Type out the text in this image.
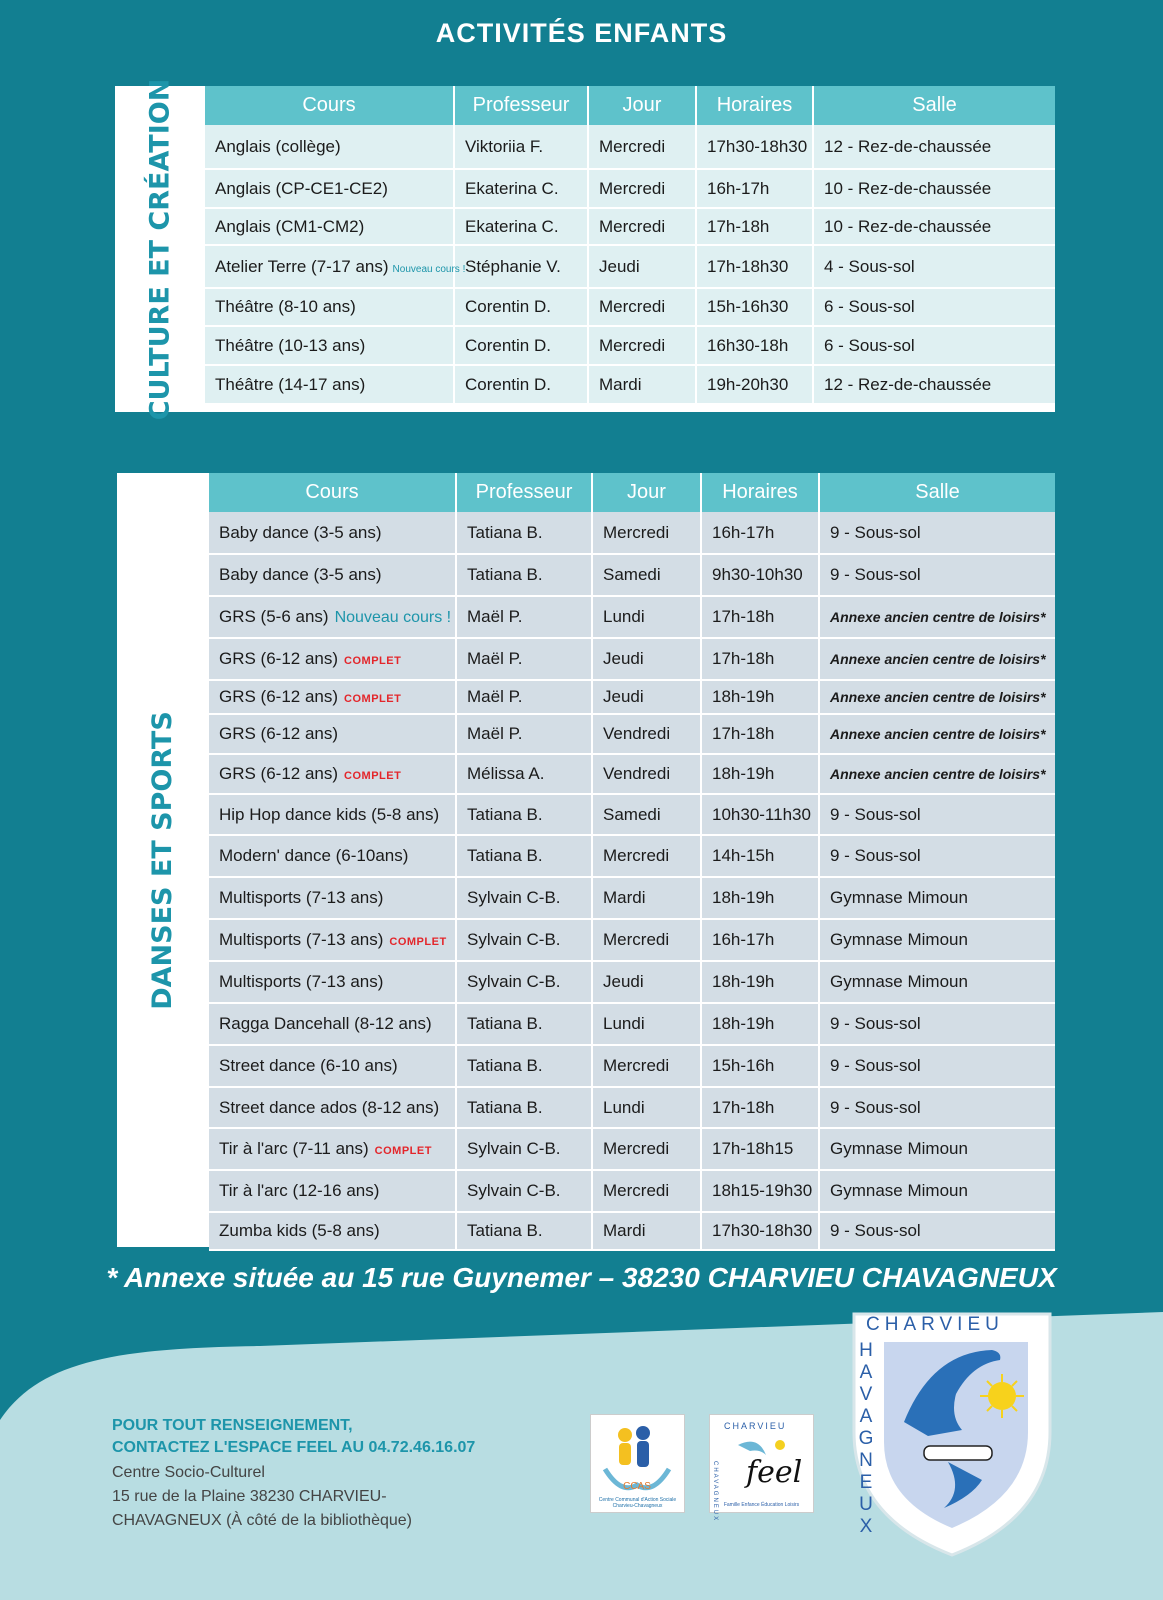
ACTIVITÉS ENFANTS
CULTURE ET CRÉATION	Cours	Professeur	Jour	Horaires	Salle
Anglais (collège)	Viktoriia F.	Mercredi	17h30-18h30	12 - Rez-de-chaussée
Anglais (CP-CE1-CE2)	Ekaterina C.	Mercredi	16h-17h	10 - Rez-de-chaussée
Anglais (CM1-CM2)	Ekaterina C.	Mercredi	17h-18h	10 - Rez-de-chaussée
Atelier Terre (7-17 ans) Nouveau cours !	Stéphanie V.	Jeudi	17h-18h30	4 - Sous-sol
Théâtre (8-10 ans)	Corentin D.	Mercredi	15h-16h30	6 - Sous-sol
Théâtre (10-13 ans)	Corentin D.	Mercredi	16h30-18h	6 - Sous-sol
Théâtre (14-17 ans)	Corentin D.	Mardi	19h-20h30	12 - Rez-de-chaussée
DANSES ET SPORTS
Cours	Professeur	Jour	Horaires	Salle
Baby dance (3-5 ans)	Tatiana B.	Mercredi	16h-17h	9 - Sous-sol
Baby dance (3-5 ans)	Tatiana B.	Samedi	9h30-10h30	9 - Sous-sol
GRS (5-6 ans) Nouveau cours !	Maël P.	Lundi	17h-18h	Annexe ancien centre de loisirs*
GRS (6-12 ans) COMPLET	Maël P.	Jeudi	17h-18h	Annexe ancien centre de loisirs*
GRS (6-12 ans) COMPLET	Maël P.	Jeudi	18h-19h	Annexe ancien centre de loisirs*
GRS (6-12 ans)	Maël P.	Vendredi	17h-18h	Annexe ancien centre de loisirs*
GRS (6-12 ans) COMPLET	Mélissa A.	Vendredi	18h-19h	Annexe ancien centre de loisirs*
Hip Hop dance kids (5-8 ans)	Tatiana B.	Samedi	10h30-11h30	9 - Sous-sol
Modern' dance (6-10ans)	Tatiana B.	Mercredi	14h-15h	9 - Sous-sol
Multisports (7-13 ans)	Sylvain C-B.	Mardi	18h-19h	Gymnase Mimoun
Multisports (7-13 ans) COMPLET	Sylvain C-B.	Mercredi	16h-17h	Gymnase Mimoun
Multisports (7-13 ans)	Sylvain C-B.	Jeudi	18h-19h	Gymnase Mimoun
Ragga Dancehall (8-12 ans)	Tatiana B.	Lundi	18h-19h	9 - Sous-sol
Street dance (6-10 ans)	Tatiana B.	Mercredi	15h-16h	9 - Sous-sol
Street dance ados (8-12 ans)	Tatiana B.	Lundi	17h-18h	9 - Sous-sol
Tir à l'arc (7-11 ans) COMPLET	Sylvain C-B.	Mercredi	17h-18h15	Gymnase Mimoun
Tir à l'arc (12-16 ans)	Sylvain C-B.	Mercredi	18h15-19h30	Gymnase Mimoun
Zumba kids (5-8 ans)	Tatiana B.	Mardi	17h30-18h30	9 - Sous-sol
* Annexe située au 15 rue Guynemer – 38230 CHARVIEU CHAVAGNEUX
POUR TOUT RENSEIGNEMENT,
CONTACTEZ L'ESPACE FEEL AU 04.72.46.16.07
Centre Socio-Culturel
15 rue de la Plaine 38230 CHARVIEU-
CHAVAGNEUX (À côté de la bibliothèque)
CCAS
Centre Communal d'Action Sociale Charvieu-Chavagneux
CHARVIEU
CHAVAGNEUX feel
Famille Enfance Éducation Loisirs
CHARVIEU
HAVAGNEUX
